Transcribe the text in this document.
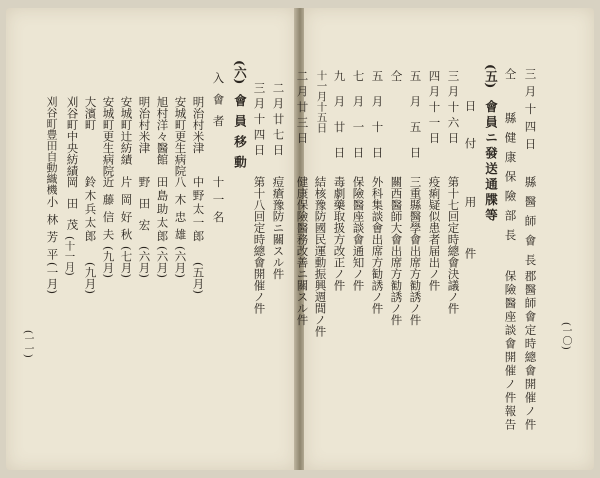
(一〇)
三月十四日
縣醫師會長
郡醫師會定時總會開催ノ件
仝
縣健康保險部長
保險醫座談會開催ノ件報告
(五)
會員ニ發送通牒等
日付
用件
三月十六日
第十七回定時總會決議ノ件
四月十一日
疫痢疑似患者届出ノ件
五月五日
三重縣醫學會出席方勧誘ノ件
仝
關西醫師大會出席方勧誘ノ件
五月十日
外科集談會出席方勧誘ノ件
七月一日
保險醫座談會通知ノ件
九月廿日
毒劇藥取扱方改正ノ件
十一月十五日
結核豫防國民運動振興週間ノ件
二月廿三日
健康保險醫務改善ニ關スル件
二月廿七日
痘瘡豫防ニ關スル件
三月十四日
第十八回定時總會開催ノ件
(六)
會員移動
入會者
十一名
明治村米津
中野太一郎
(五月)
安城町更生病院
八木忠雄
(六月)
旭村洋々醫館
田島助太郎
(六月)
明治村米津
野田宏
(六月)
安城町辻紡績
片岡好秋
(七月)
安城町更生病院
近藤信夫
(九月)
大濱町
鈴木兵太郎
(九月)
刈谷町中央紡績
岡田茂
(十一月)
刈谷町豊田自動織機
小林芳平
(一月)
(一一)
